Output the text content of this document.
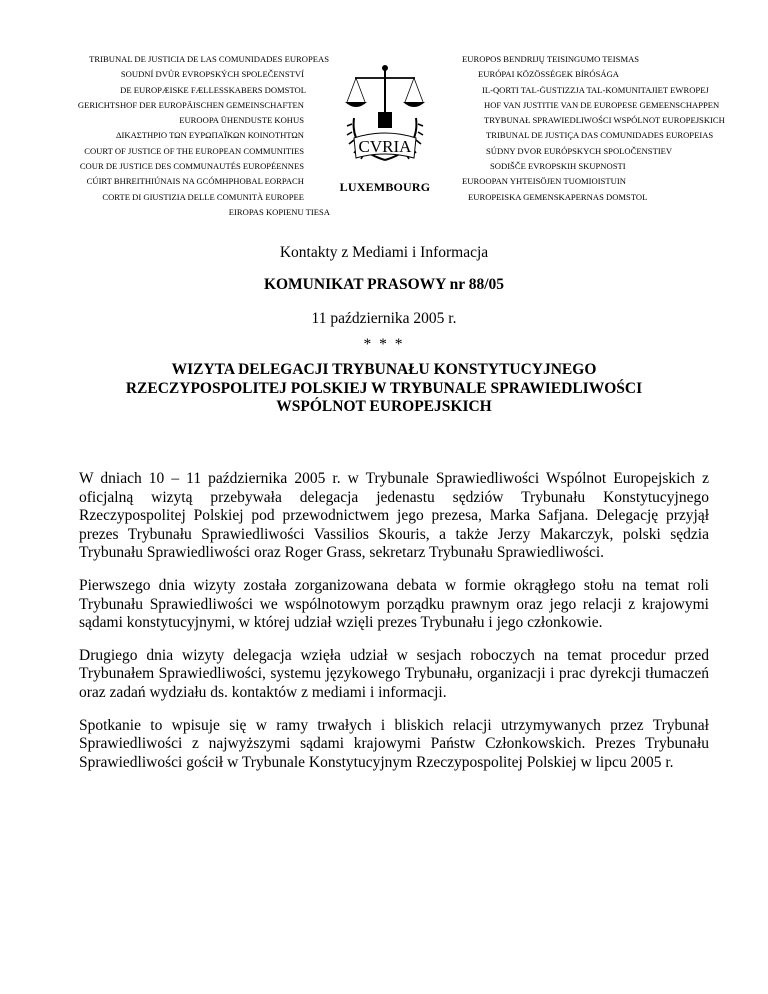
TRIBUNAL DE JUSTICIA DE LAS COMUNIDADES EUROPEAS
SOUDNÍ DVŮR EVROPSKÝCH SPOLEČENSTVÍ
DE EUROPÆISKE FÆLLESSKABERS DOMSTOL
GERICHTSHOF DER EUROPÄISCHEN GEMEINSCHAFTEN
EUROOPA ÜHENDUSTE KOHUS
ΔΙΚΑΣΤΗΡΙΟ ΤΩΝ ΕΥΡΩΠΑΪΚΩΝ ΚΟΙΝΟΤΗΤΩΝ
COURT OF JUSTICE OF THE EUROPEAN COMMUNITIES
COUR DE JUSTICE DES COMMUNAUTÉS EUROPÉENNES
CÚIRT BHREITHIÚNAIS NA GCÓMHPHOBAL EORPACH
CORTE DI GIUSTIZIA DELLE COMUNITÀ EUROPEE
EIROPAS KOPIENU TIESA
CVRIA
LUXEMBOURG
EUROPOS BENDRIJŲ TEISINGUMO TEISMAS
EURÓPAI KÖZÖSSÉGEK BÍRÓSÁGA
IL-QORTI TAL-ĠUSTIZZJA TAL-KOMUNITAJIET EWROPEJ
HOF VAN JUSTITIE VAN DE EUROPESE GEMEENSCHAPPEN
TRYBUNAŁ SPRAWIEDLIWOŚCI WSPÓLNOT EUROPEJSKICH
TRIBUNAL DE JUSTIÇA DAS COMUNIDADES EUROPEIAS
SÚDNY DVOR EURÓPSKYCH SPOLOČENSTIEV
SODIŠČE EVROPSKIH SKUPNOSTI
EUROOPAN YHTEISÖJEN TUOMIOISTUIN
EUROPEISKA GEMENSKAPERNAS DOMSTOL
Kontakty z Mediami i Informacja
KOMUNIKAT PRASOWY nr 88/05
11 października 2005 r.
* * *
WIZYTA DELEGACJI TRYBUNAŁU KONSTYTUCYJNEGO
RZECZYPOSPOLITEJ POLSKIEJ W TRYBUNALE SPRAWIEDLIWOŚCI
WSPÓLNOT EUROPEJSKICH

W dniach 10 – 11 października 2005 r. w Trybunale Sprawiedliwości Wspólnot Europejskich z oficjalną wizytą przebywała delegacja jedenastu sędziów Trybunału Konstytucyjnego Rzeczypospolitej Polskiej pod przewodnictwem jego prezesa, Marka Safjana. Delegację przyjął prezes Trybunału Sprawiedliwości Vassilios Skouris, a także Jerzy Makarczyk, polski sędzia Trybunału Sprawiedliwości oraz Roger Grass, sekretarz Trybunału Sprawiedliwości.

Pierwszego dnia wizyty została zorganizowana debata w formie okrągłego stołu na temat roli Trybunału Sprawiedliwości we wspólnotowym porządku prawnym oraz jego relacji z krajowymi sądami konstytucyjnymi, w której udział wzięli prezes Trybunału i jego członkowie.

Drugiego dnia wizyty delegacja wzięła udział w sesjach roboczych na temat procedur przed Trybunałem Sprawiedliwości, systemu językowego Trybunału, organizacji i prac dyrekcji tłumaczeń oraz zadań wydziału ds. kontaktów z mediami i informacji.

Spotkanie to wpisuje się w ramy trwałych i bliskich relacji utrzymywanych przez Trybunał Sprawiedliwości z najwyższymi sądami krajowymi Państw Członkowskich. Prezes Trybunału Sprawiedliwości gościł w Trybunale Konstytucyjnym Rzeczypospolitej Polskiej w lipcu 2005 r.
